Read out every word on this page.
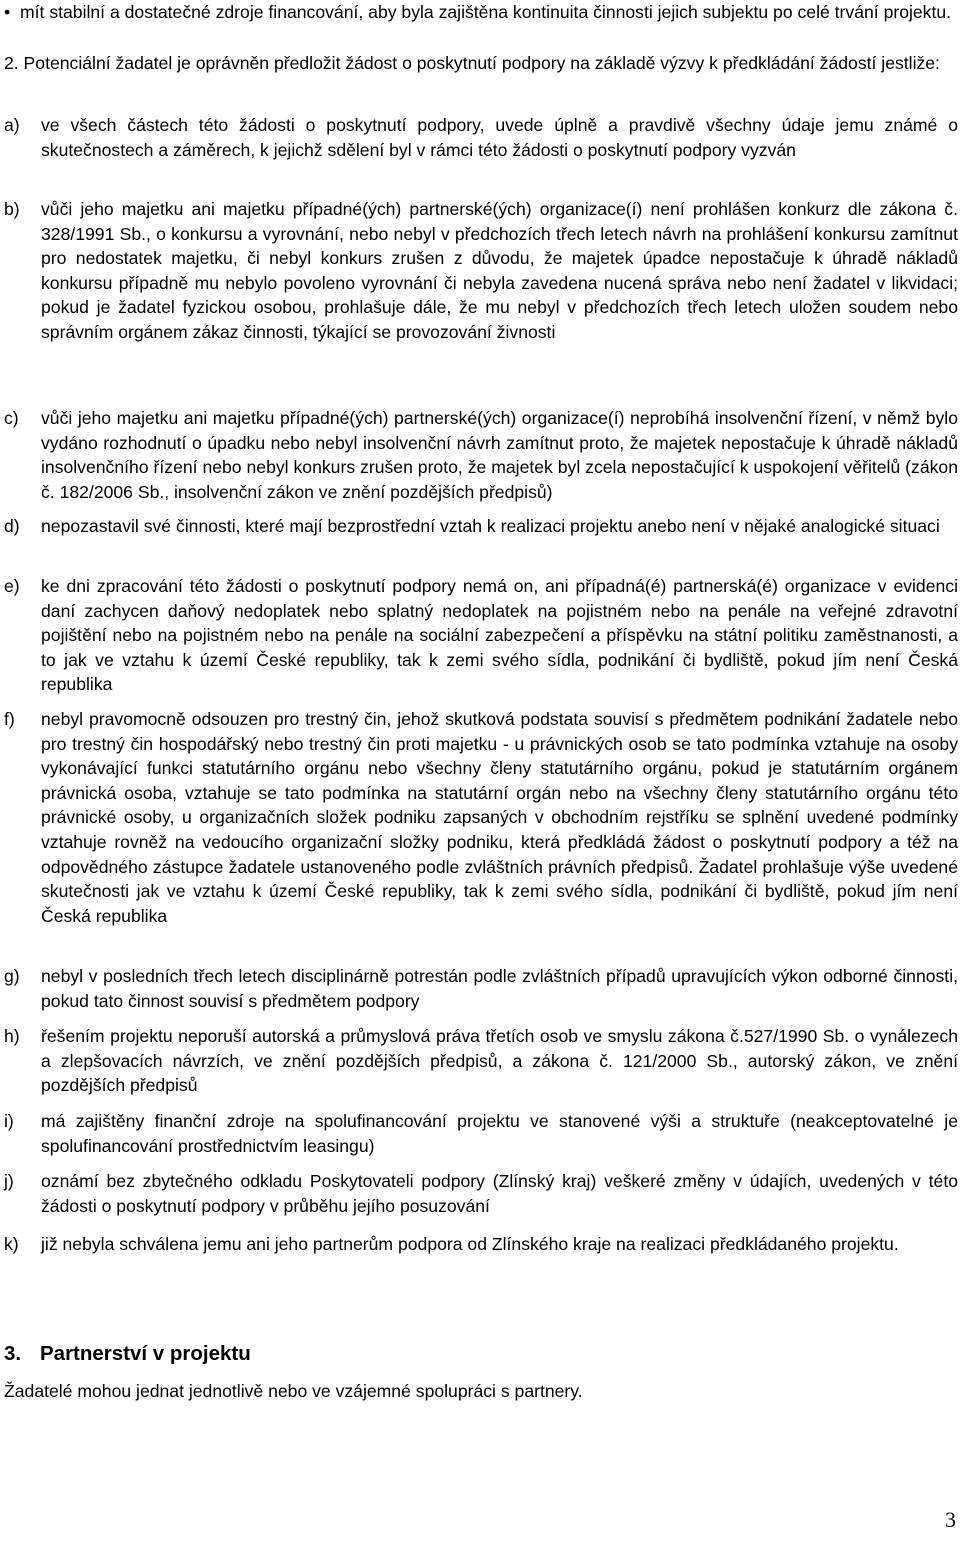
• mít stabilní a dostatečné zdroje financování, aby byla zajištěna kontinuita činnosti jejich subjektu po celé trvání projektu.
2. Potenciální žadatel je oprávněn předložit žádost o poskytnutí podpory na základě výzvy k předkládání žádostí jestliže:
a)	ve všech částech této žádosti o poskytnutí podpory, uvede úplně a pravdivě všechny údaje jemu známé o skutečnostech a záměrech, k jejichž sdělení byl v rámci této žádosti o poskytnutí podpory vyzván
b)	vůči jeho majetku ani majetku případné(ých) partnerské(ých) organizace(í) není prohlášen konkurz dle zákona č. 328/1991 Sb., o konkursu a vyrovnání, nebo nebyl v předchozích třech letech návrh na prohlášení konkursu zamítnut pro nedostatek majetku, či nebyl konkurs zrušen z důvodu, že majetek úpadce nepostačuje k úhradě nákladů konkursu případně mu nebylo povoleno vyrovnání či nebyla zavedena nucená správa nebo není žadatel v likvidaci; pokud je žadatel fyzickou osobou, prohlašuje dále, že mu nebyl v předchozích třech letech uložen soudem nebo správním orgánem zákaz činnosti, týkající se provozování živnosti
c)	vůči jeho majetku ani majetku případné(ých) partnerské(ých) organizace(í) neprobíhá insolvenční řízení, v němž bylo vydáno rozhodnutí o úpadku nebo nebyl insolvenční návrh zamítnut proto, že majetek nepostačuje k úhradě nákladů insolvenčního řízení nebo nebyl konkurs zrušen proto, že majetek byl zcela nepostačující k uspokojení věřitelů (zákon č. 182/2006 Sb., insolvenční zákon ve znění pozdějších předpisů)
d)	nepozastavil své činnosti, které mají bezprostřední vztah k realizaci projektu anebo není v nějaké analogické situaci
e)	ke dni zpracování této žádosti o poskytnutí podpory nemá on, ani případná(é) partnerská(é) organizace v evidenci daní zachycen daňový nedoplatek nebo splatný nedoplatek na pojistném nebo na penále na veřejné zdravotní pojištění nebo na pojistném nebo na penále na sociální zabezpečení a příspěvku na státní politiku zaměstnanosti, a to jak ve vztahu k území České republiky, tak k zemi svého sídla, podnikání či bydliště, pokud jím není Česká republika
f)	nebyl pravomocně odsouzen pro trestný čin, jehož skutková podstata souvisí s předmětem podnikání žadatele nebo pro trestný čin hospodářský nebo trestný čin proti majetku - u právnických osob se tato podmínka vztahuje na osoby vykonávající funkci statutárního orgánu nebo všechny členy statutárního orgánu, pokud je statutárním orgánem právnická osoba, vztahuje se tato podmínka na statutární orgán nebo na všechny členy statutárního orgánu této právnické osoby, u organizačních složek podniku zapsaných v obchodním rejstříku se splnění uvedené podmínky vztahuje rovněž na vedoucího organizační složky podniku, která předkládá žádost o poskytnutí podpory a též na odpovědného zástupce žadatele ustanoveného podle zvláštních právních předpisů. Žadatel prohlašuje výše uvedené skutečnosti jak ve vztahu k území České republiky, tak k zemi svého sídla, podnikání či bydliště, pokud jím není Česká republika
g)	nebyl v posledních třech letech disciplinárně potrestán podle zvláštních případů upravujících výkon odborné činnosti, pokud tato činnost souvisí s předmětem podpory
h)	řešením projektu neporuší autorská a průmyslová práva třetích osob ve smyslu zákona č.527/1990 Sb. o vynálezech a zlepšovacích návrzích, ve znění pozdějších předpisů, a zákona č. 121/2000 Sb., autorský zákon, ve znění pozdějších předpisů
i)	má zajištěny finanční zdroje na spolufinancování projektu ve stanovené výši a struktuře (neakceptovatelné je spolufinancování prostřednictvím leasingu)
j)	oznámí bez zbytečného odkladu Poskytovateli podpory (Zlínský kraj) veškeré změny v údajích, uvedených v této žádosti o poskytnutí podpory v průběhu jejího posuzování
k)	již nebyla schválena jemu ani jeho partnerům podpora od Zlínského kraje na realizaci předkládaného projektu.
3. Partnerství v projektu
Žadatelé mohou jednat jednotlivě nebo ve vzájemné spolupráci s partnery.
3
